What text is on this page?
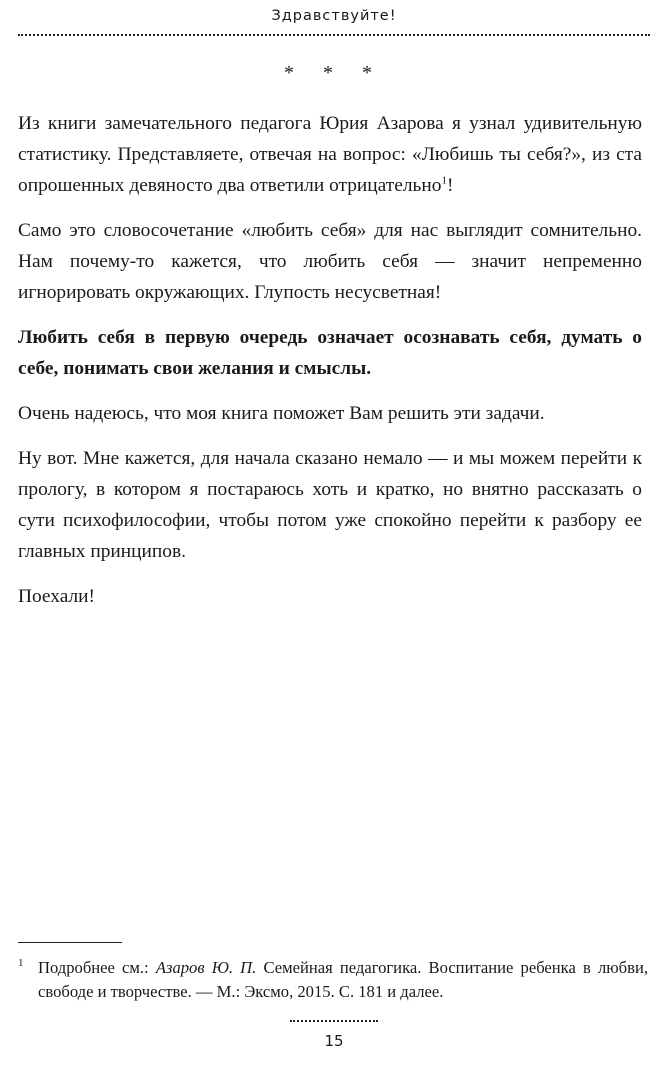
Здравствуйте!
* * *

Из книги замечательного педагога Юрия Азарова я узнал удивительную статистику. Представляете, отвечая на вопрос: «Любишь ты себя?», из ста опрошенных девяносто два ответили отрицательно$^1$!

Само это словосочетание «любить себя» для нас выглядит сомнительно. Нам почему-то кажется, что любить себя — значит непременно игнорировать окружающих. Глупость несусветная!

Любить себя в первую очередь означает осознавать себя, думать о себе, понимать свои желания и смыслы.

Очень надеюсь, что моя книга поможет Вам решить эти задачи.

Ну вот. Мне кажется, для начала сказано немало — и мы можем перейти к прологу, в котором я постараюсь хоть и кратко, но внятно рассказать о сути психофилософии, чтобы потом уже спокойно перейти к разбору ее главных принципов.

Поехали!

1 Подробнее см.: Азаров Ю. П. Семейная педагогика. Воспитание ребенка в любви, свободе и творчестве. — М.: Эксмо, 2015. С. 181 и далее.
15
